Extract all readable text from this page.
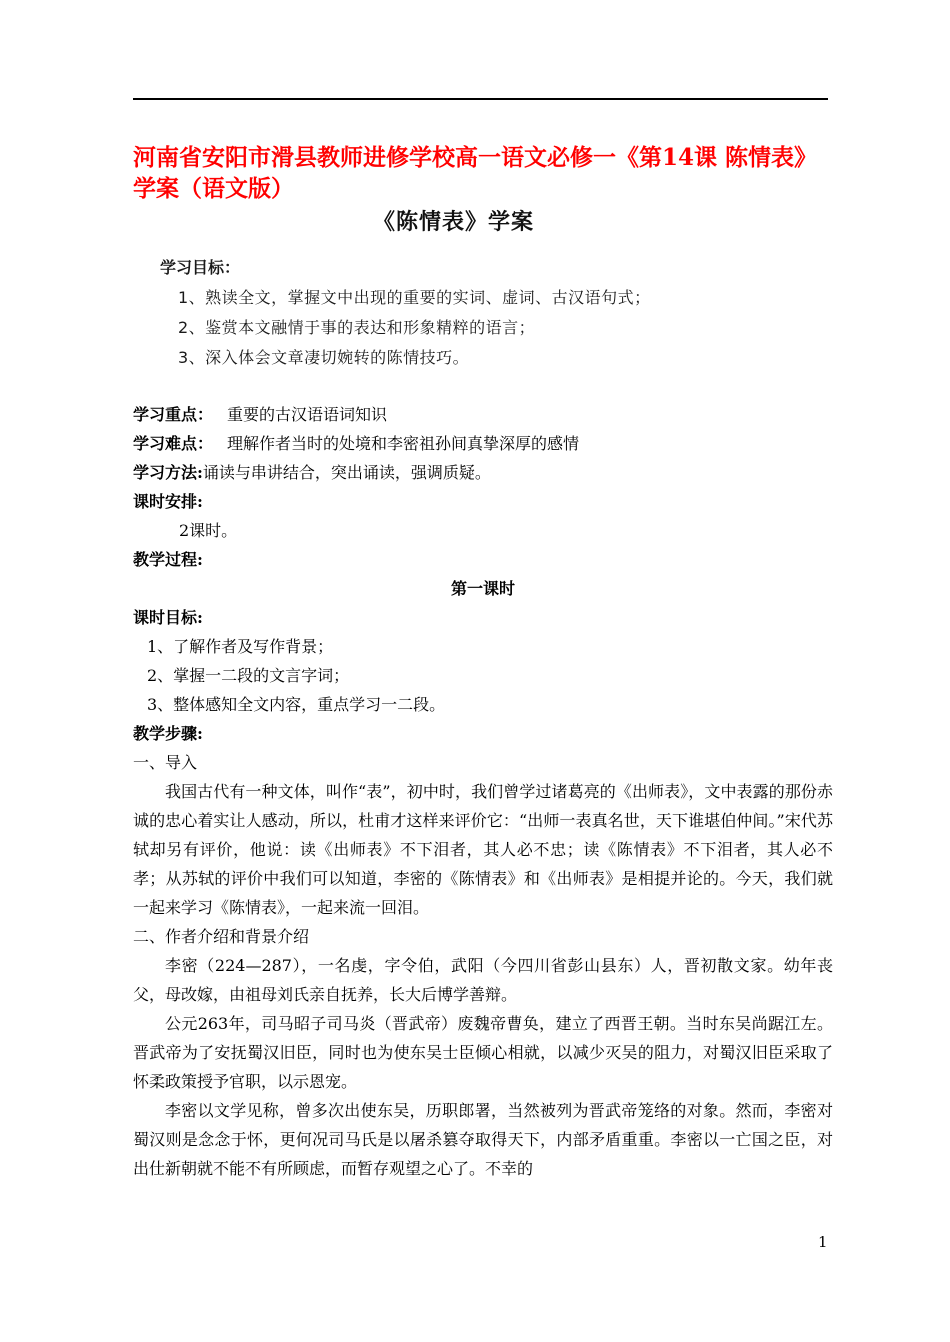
河南省安阳市滑县教师进修学校高一语文必修一《第14课 陈情表》学案（语文版）
《陈情表》学案
学习目标：
1、熟读全文，掌握文中出现的重要的实词、虚词、古汉语句式；
2、鉴赏本文融情于事的表达和形象精粹的语言；
3、深入体会文章凄切婉转的陈情技巧。

学习重点： 重要的古汉语语词知识

学习难点： 理解作者当时的处境和李密祖孙间真挚深厚的感情

学习方法:诵读与串讲结合，突出诵读，强调质疑。

课时安排:

2课时。

教学过程:

第一课时

课时目标:

1、了解作者及写作背景；

2、掌握一二段的文言字词；

3、整体感知全文内容，重点学习一二段。

教学步骤:

一、导入

我国古代有一种文体，叫作“表”，初中时，我们曾学过诸葛亮的《出师表》，文中表露的那份赤诚的忠心着实让人感动，所以，杜甫才这样来评价它：“出师一表真名世，天下谁堪伯仲间。”宋代苏轼却另有评价，他说：读《出师表》不下泪者，其人必不忠；读《陈情表》不下泪者，其人必不孝；从苏轼的评价中我们可以知道，李密的《陈情表》和《出师表》是相提并论的。今天，我们就一起来学习《陈情表》，一起来流一回泪。

二、作者介绍和背景介绍

李密（224—287），一名虔，字令伯，武阳（今四川省彭山县东）人，晋初散文家。幼年丧父，母改嫁，由祖母刘氏亲自抚养，长大后博学善辩。

公元263年，司马昭子司马炎（晋武帝）废魏帝曹奂，建立了西晋王朝。当时东吴尚踞江左。晋武帝为了安抚蜀汉旧臣，同时也为使东吴士臣倾心相就，以减少灭吴的阻力，对蜀汉旧臣采取了怀柔政策授予官职，以示恩宠。

李密以文学见称，曾多次出使东吴，历职郎署，当然被列为晋武帝笼络的对象。然而，李密对蜀汉则是念念于怀，更何况司马氏是以屠杀篡夺取得天下，内部矛盾重重。李密以一亡国之臣，对出仕新朝就不能不有所顾虑，而暂存观望之心了。不幸的

1
